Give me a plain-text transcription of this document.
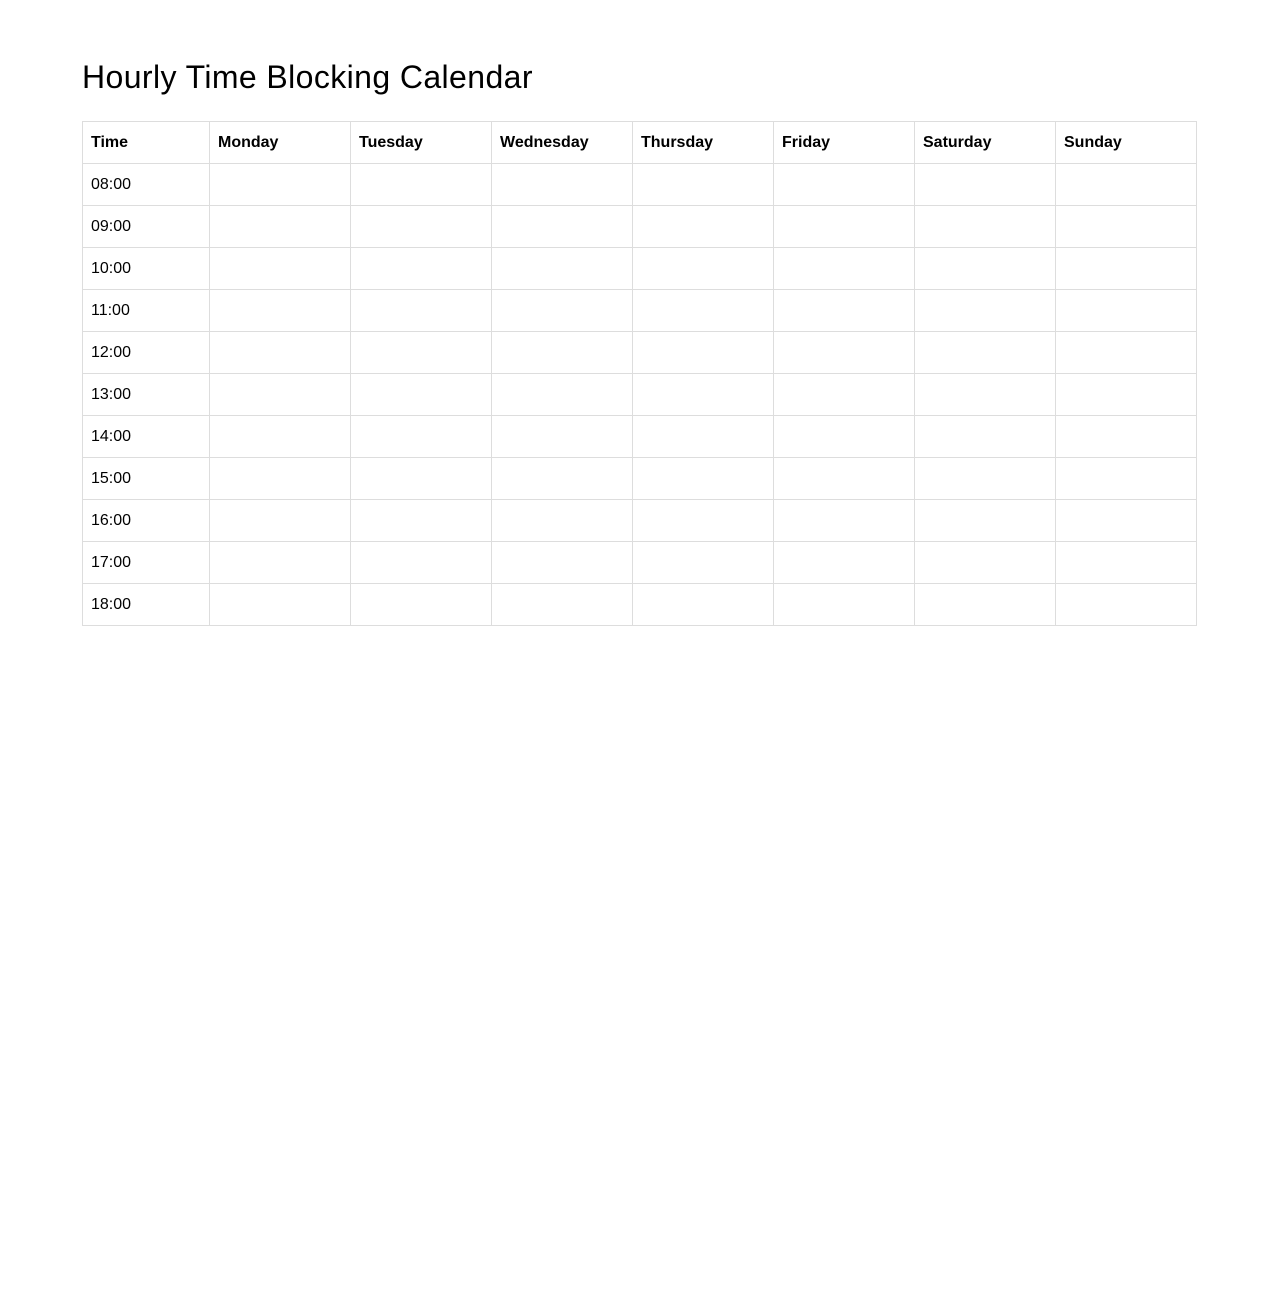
Hourly Time Blocking Calendar
Time	Monday	Tuesday	Wednesday	Thursday	Friday	Saturday	Sunday
08:00							
09:00							
10:00							
11:00							
12:00							
13:00							
14:00							
15:00							
16:00							
17:00							
18:00							
